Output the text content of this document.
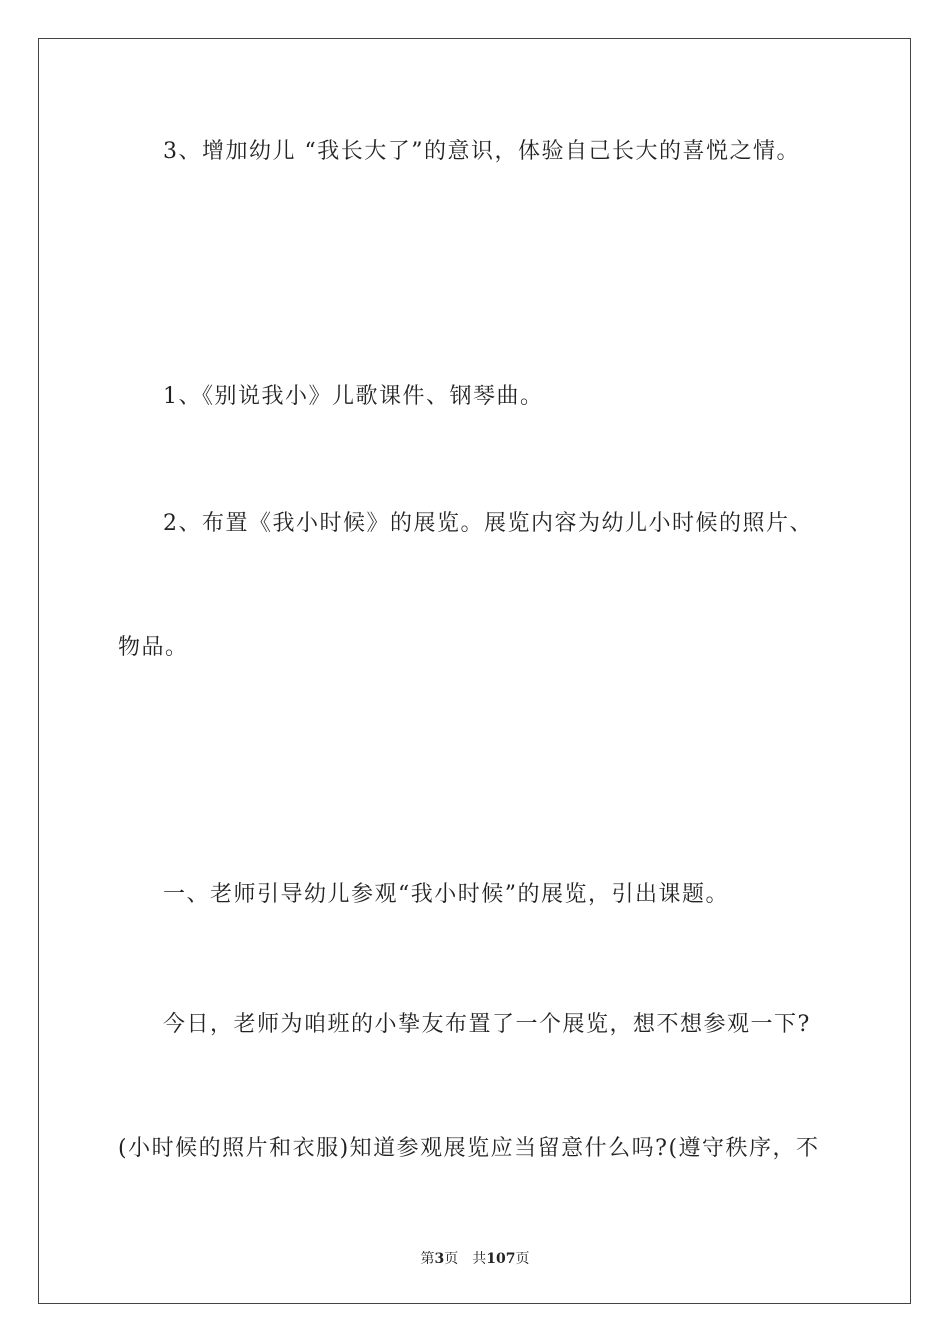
3、增加幼儿 “我长大了”的意识，体验自己长大的喜悦之情。
1、《别说我小》儿歌课件、钢琴曲。
2、布置《我小时候》的展览。展览内容为幼儿小时候的照片、
物品。
一、老师引导幼儿参观“我小时候”的展览，引出课题。
今日，老师为咱班的小挚友布置了一个展览，想不想参观一下?
(小时候的照片和衣服)知道参观展览应当留意什么吗?(遵守秩序，不
第3页 共107页
